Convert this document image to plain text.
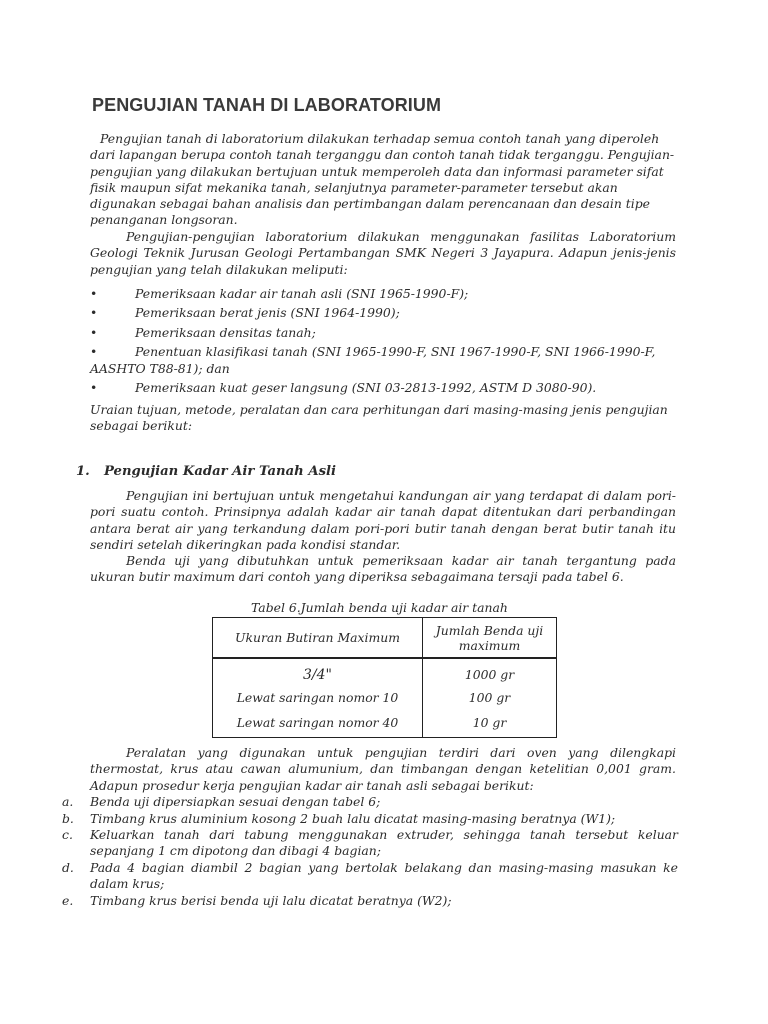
PENGUJIAN TANAH DI LABORATORIUM

Pengujian tanah di laboratorium dilakukan terhadap semua contoh tanah yang diperoleh dari lapangan berupa contoh tanah terganggu dan contoh tanah tidak terganggu. Pengujian-pengujian yang dilakukan bertujuan untuk memperoleh data dan informasi parameter sifat fisik maupun sifat mekanika tanah, selanjutnya parameter-parameter tersebut akan digunakan sebagai bahan analisis dan pertimbangan dalam perencanaan dan desain tipe penanganan longsoran.

Pengujian-pengujian laboratorium dilakukan menggunakan fasilitas Laboratorium Geologi Teknik Jurusan Geologi Pertambangan SMK Negeri 3 Jayapura. Adapun jenis-jenis pengujian yang telah dilakukan meliputi:

•	Pemeriksaan kadar air tanah asli (SNI 1965-1990-F);
•	Pemeriksaan berat jenis (SNI 1964-1990);
•	Pemeriksaan densitas tanah;
•	Penentuan klasifikasi tanah (SNI 1965-1990-F, SNI 1967-1990-F, SNI 1966-1990-F, AASHTO T88-81); dan
•	Pemeriksaan kuat geser langsung (SNI 03-2813-1992, ASTM D 3080-90).

Uraian tujuan, metode, peralatan dan cara perhitungan dari masing-masing jenis pengujian sebagai berikut:

1. Pengujian Kadar Air Tanah Asli

Pengujian ini bertujuan untuk mengetahui kandungan air yang terdapat di dalam pori-pori suatu contoh. Prinsipnya adalah kadar air tanah dapat ditentukan dari perbandingan antara berat air yang terkandung dalam pori-pori butir tanah dengan berat butir tanah itu sendiri setelah dikeringkan pada kondisi standar.

Benda uji yang dibutuhkan untuk pemeriksaan kadar air tanah tergantung pada ukuran butir maximum dari contoh yang diperiksa sebagaimana tersaji pada tabel 6.

Tabel 6.Jumlah benda uji kadar air tanah
Ukuran Butiran Maximum	Jumlah Benda uji maximum
3/4"	1000 gr
Lewat saringan nomor 10	100 gr
Lewat saringan nomor 40	10 gr

Peralatan yang digunakan untuk pengujian terdiri dari oven yang dilengkapi thermostat, krus atau cawan alumunium, dan timbangan dengan ketelitian 0,001 gram. Adapun prosedur kerja pengujian kadar air tanah asli sebagai berikut:

a. Benda uji dipersiapkan sesuai dengan tabel 6;
b. Timbang krus aluminium kosong 2 buah lalu dicatat masing-masing beratnya (W1);
c. Keluarkan tanah dari tabung menggunakan extruder, sehingga tanah tersebut keluar sepanjang 1 cm dipotong dan dibagi 4 bagian;
d. Pada 4 bagian diambil 2 bagian yang bertolak belakang dan masing-masing masukan ke dalam krus;
e. Timbang krus berisi benda uji lalu dicatat beratnya (W2);
